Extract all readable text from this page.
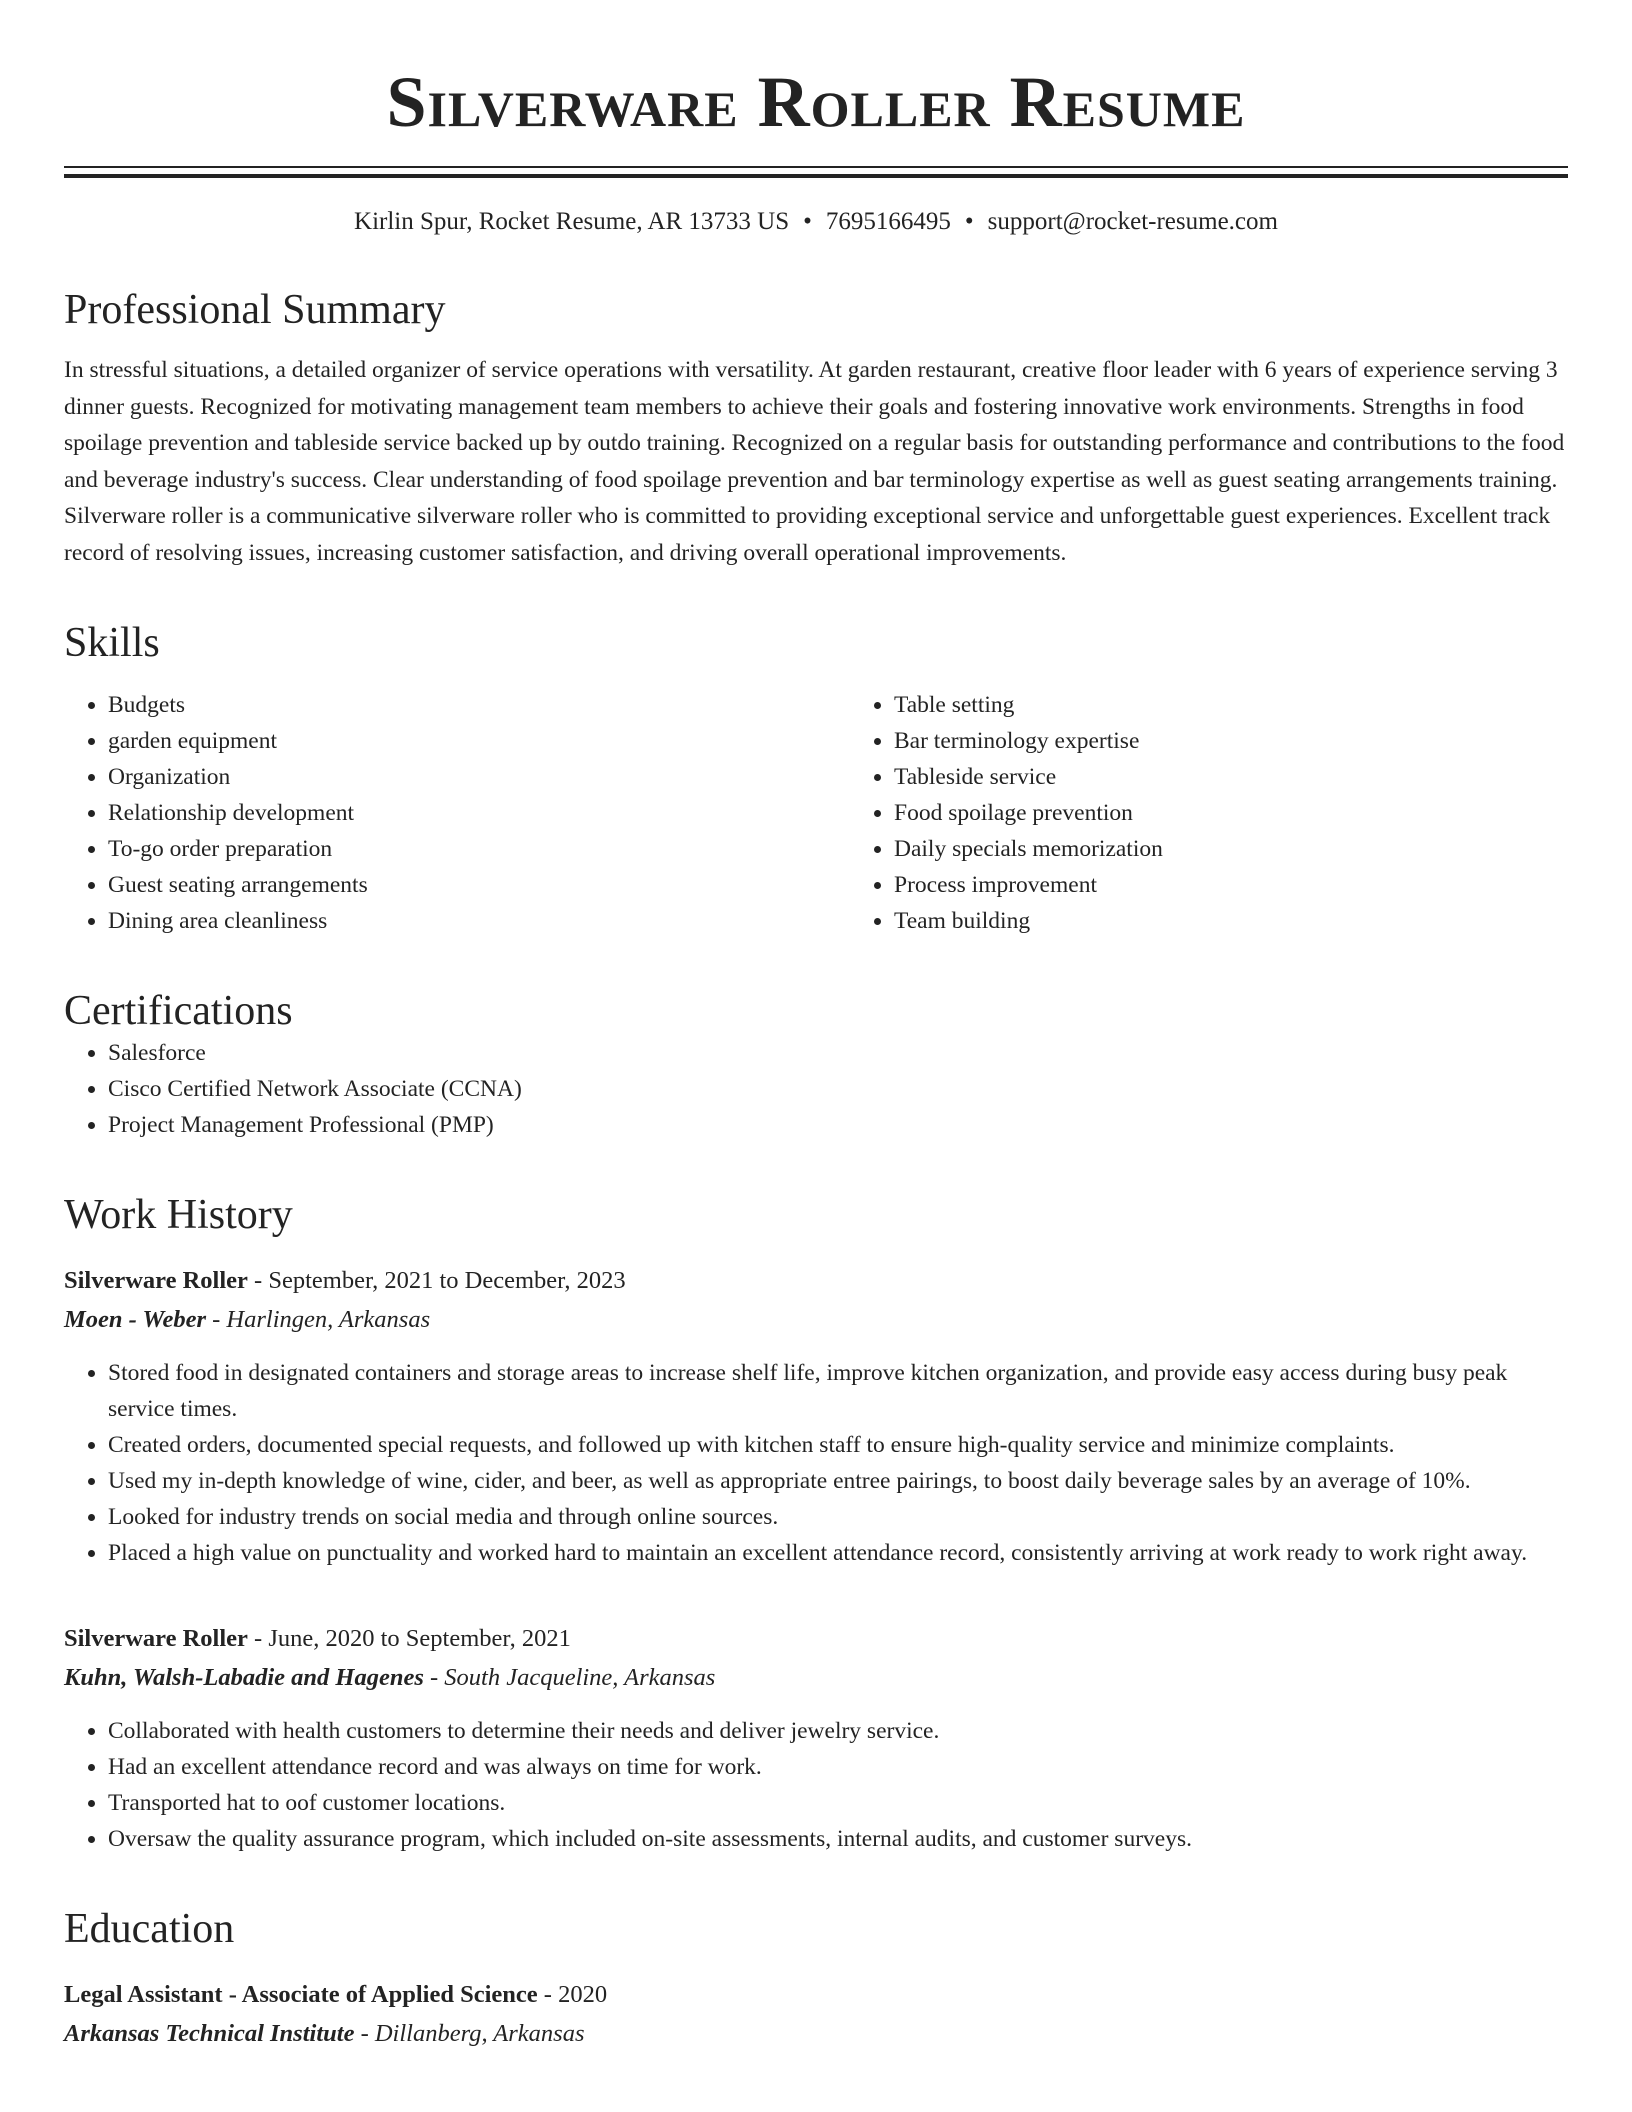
Silverware Roller Resume
Kirlin Spur, Rocket Resume, AR 13733 US • 7695166495 • support@rocket-resume.com
Professional Summary

In stressful situations, a detailed organizer of service operations with versatility. At garden restaurant, creative floor leader with 6 years of experience serving 3 dinner guests. Recognized for motivating management team members to achieve their goals and fostering innovative work environments. Strengths in food spoilage prevention and tableside service backed up by outdo training. Recognized on a regular basis for outstanding performance and contributions to the food and beverage industry's success. Clear understanding of food spoilage prevention and bar terminology expertise as well as guest seating arrangements training. Silverware roller is a communicative silverware roller who is committed to providing exceptional service and unforgettable guest experiences. Excellent track record of resolving issues, increasing customer satisfaction, and driving overall operational improvements.

Skills
• Budgets
• garden equipment
• Organization
• Relationship development
• To-go order preparation
• Guest seating arrangements
• Dining area cleanliness
• Table setting
• Bar terminology expertise
• Tableside service
• Food spoilage prevention
• Daily specials memorization
• Process improvement
• Team building
Certifications
• Salesforce
• Cisco Certified Network Associate (CCNA)
• Project Management Professional (PMP)
Work History

Silverware Roller - September, 2021 to December, 2023

Moen - Weber - Harlingen, Arkansas

• Stored food in designated containers and storage areas to increase shelf life, improve kitchen organization, and provide easy access during busy peak service times.
• Created orders, documented special requests, and followed up with kitchen staff to ensure high-quality service and minimize complaints.
• Used my in-depth knowledge of wine, cider, and beer, as well as appropriate entree pairings, to boost daily beverage sales by an average of 10%.
• Looked for industry trends on social media and through online sources.
• Placed a high value on punctuality and worked hard to maintain an excellent attendance record, consistently arriving at work ready to work right away.

Silverware Roller - June, 2020 to September, 2021

Kuhn, Walsh-Labadie and Hagenes - South Jacqueline, Arkansas

• Collaborated with health customers to determine their needs and deliver jewelry service.
• Had an excellent attendance record and was always on time for work.
• Transported hat to oof customer locations.
• Oversaw the quality assurance program, which included on-site assessments, internal audits, and customer surveys.
Education

Legal Assistant - Associate of Applied Science - 2020

Arkansas Technical Institute - Dillanberg, Arkansas
